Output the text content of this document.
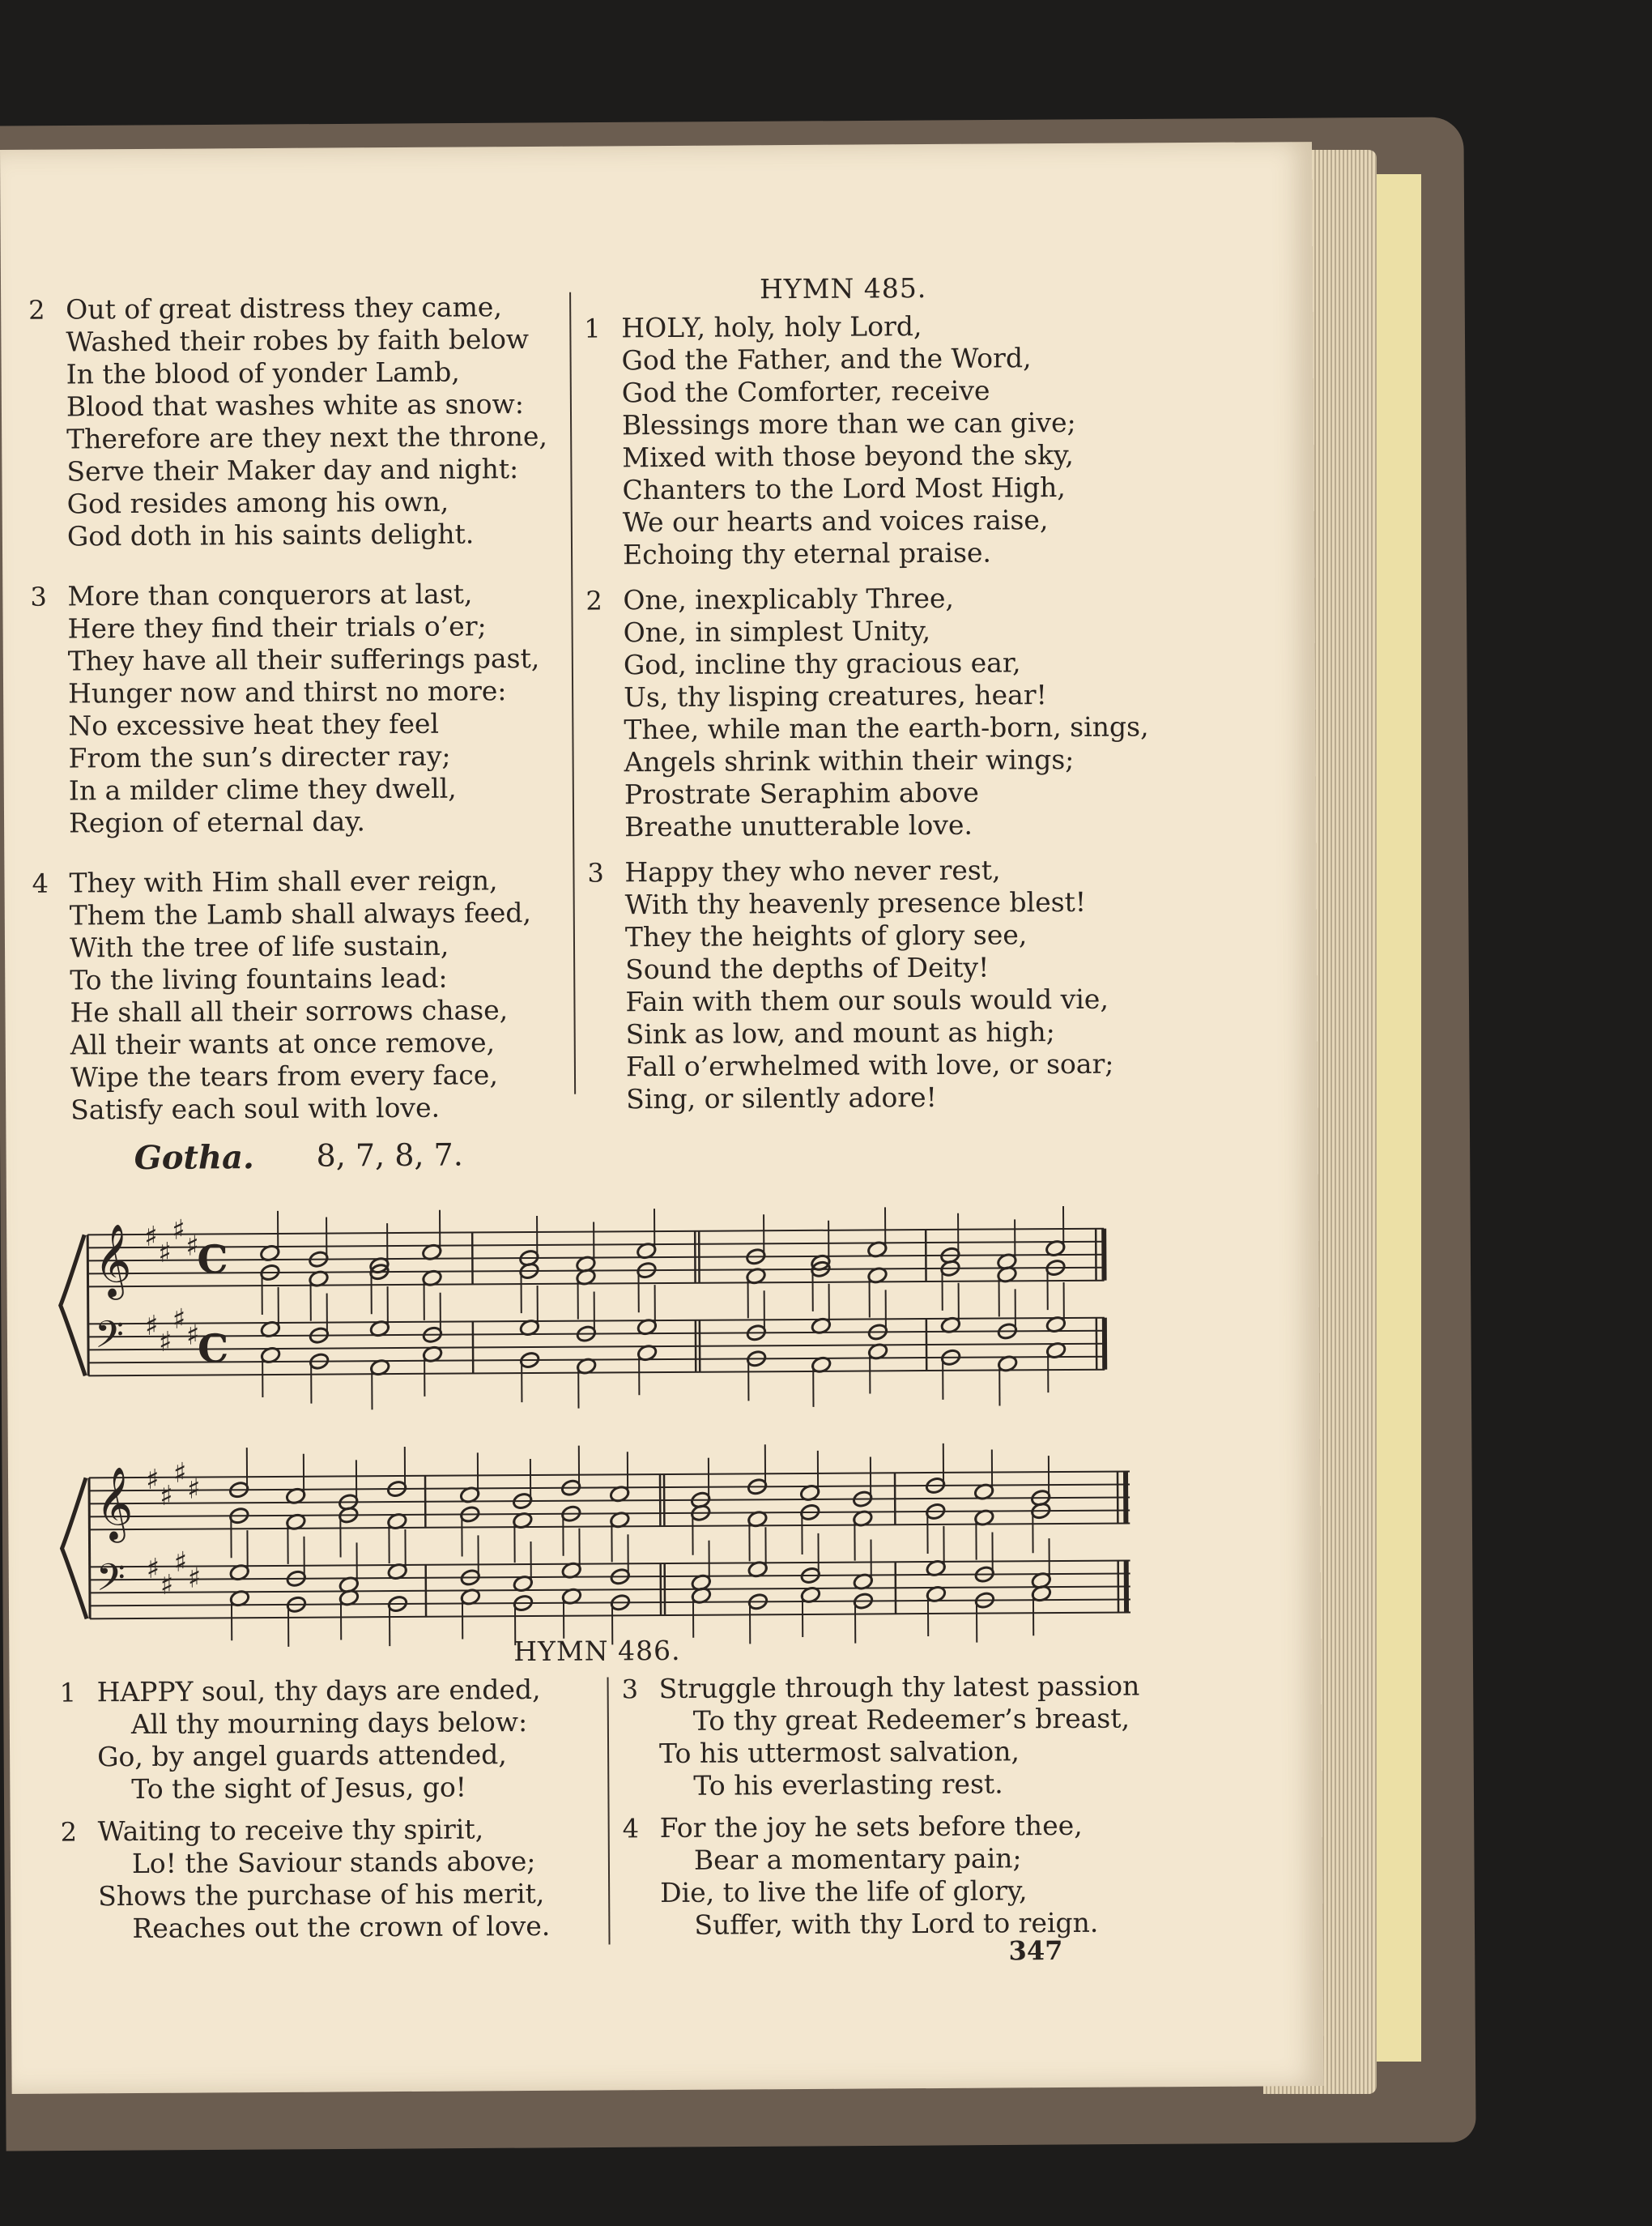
2 Out of great distress they came,
Washed their robes by faith below
In the blood of yonder Lamb,
Blood that washes white as snow:
Therefore are they next the throne,
Serve their Maker day and night:
God resides among his own,
God doth in his saints delight.
3 More than conquerors at last,
Here they find their trials o’er;
They have all their sufferings past,
Hunger now and thirst no more:
No excessive heat they feel
From the sun’s directer ray;
In a milder clime they dwell,
Region of eternal day.
4 They with Him shall ever reign,
Them the Lamb shall always feed,
With the tree of life sustain,
To the living fountains lead:
He shall all their sorrows chase,
All their wants at once remove,
Wipe the tears from every face,
Satisfy each soul with love.
HYMN 485.
1 HOLY, holy, holy Lord,
God the Father, and the Word,
God the Comforter, receive
Blessings more than we can give;
Mixed with those beyond the sky,
Chanters to the Lord Most High,
We our hearts and voices raise,
Echoing thy eternal praise.
2 One, inexplicably Three,
One, in simplest Unity,
God, incline thy gracious ear,
Us, thy lisping creatures, hear!
Thee, while man the earth-born, sings,
Angels shrink within their wings;
Prostrate Seraphim above
Breathe unutterable love.
3 Happy they who never rest,
With thy heavenly presence blest!
They the heights of glory see,
Sound the depths of Deity!
Fain with them our souls would vie,
Sink as low, and mount as high;
Fall o’erwhelmed with love, or soar;
Sing, or silently adore!
Gotha. 8, 7, 8, 7.
𝄞 ♯ ♯
♯ ♯
𝄢 ♯ ♯
♯ ♯
𝄞 ♯ ♯
♯ ♯
𝄢 ♯ ♯
♯ ♯
C
C
HYMN 486.
1 HAPPY soul, thy days are ended,
All thy mourning days below:
Go, by angel guards attended,
To the sight of Jesus, go!
2 Waiting to receive thy spirit,
Lo! the Saviour stands above;
Shows the purchase of his merit,
Reaches out the crown of love.
3 Struggle through thy latest passion
To thy great Redeemer’s breast,
To his uttermost salvation,
To his everlasting rest.
4 For the joy he sets before thee,
Bear a momentary pain;
Die, to live the life of glory,
Suffer, with thy Lord to reign.
347
